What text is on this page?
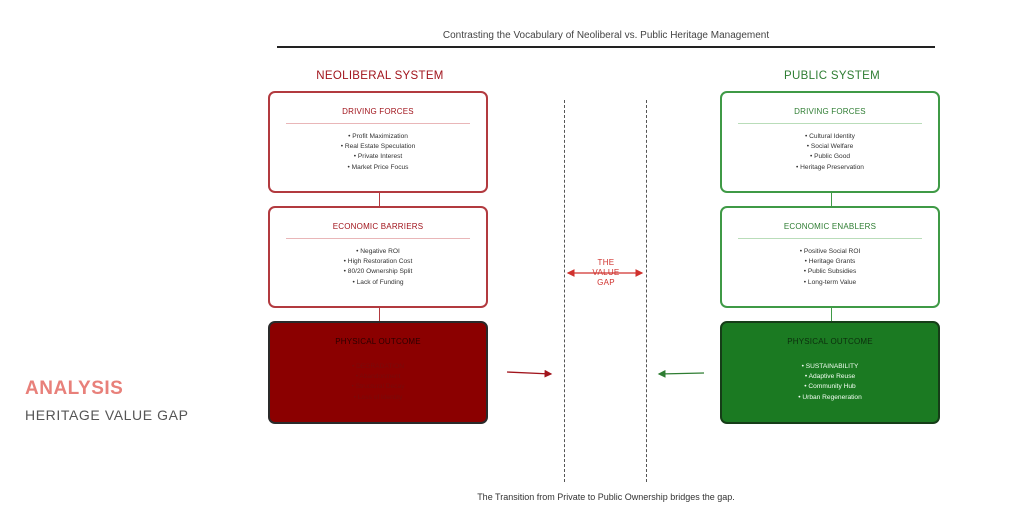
Contrasting the Vocabulary of Neoliberal vs. Public Heritage Management
ANALYSIS
HERITAGE VALUE GAP
NEOLIBERAL SYSTEM
DRIVING FORCES
• Profit Maximization
• Real Estate Speculation
• Private Interest
• Market Price Focus
ECONOMIC BARRIERS
• Negative ROI
• High Restoration Cost
• 80/20 Ownership Split
• Lack of Funding
PHYSICAL OUTCOME
• DEGRADATION
• Abandonment
• Structural Decay
• Loss of Identity
PUBLIC SYSTEM
DRIVING FORCES
• Cultural Identity
• Social Welfare
• Public Good
• Heritage Preservation
ECONOMIC ENABLERS
• Positive Social ROI
• Heritage Grants
• Public Subsidies
• Long-term Value
PHYSICAL OUTCOME
• SUSTAINABILITY
• Adaptive Reuse
• Community Hub
• Urban Regeneration
THE
VALUE
GAP
The Transition from Private to Public Ownership bridges the gap.
